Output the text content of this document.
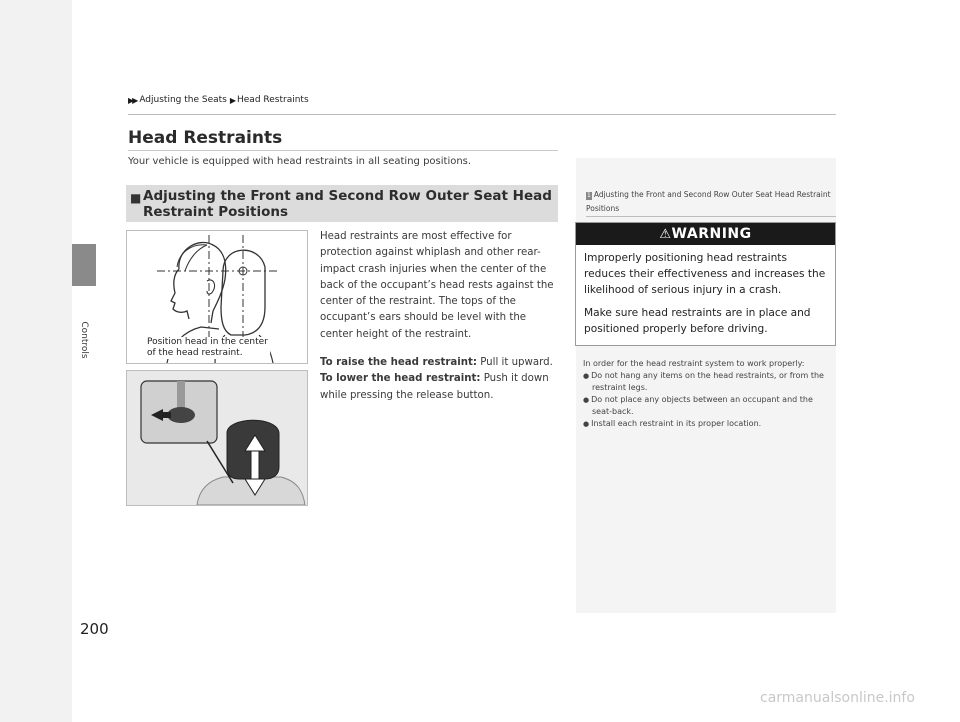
Controls
200
▶▶ Adjusting the Seats ▶ Head Restraints
Head Restraints
Your vehicle is equipped with head restraints in all seating positions.
■ Adjusting the Front and Second Row Outer Seat Head Restraint Positions
Position head in the center
of the head restraint.

Head restraints are most effective for protection against whiplash and other rear-impact crash injuries when the center of the back of the occupant’s head rests against the center of the restraint. The tops of the occupant’s ears should be level with the center height of the restraint.

To raise the head restraint: Pull it upward.
To lower the head restraint: Push it down while pressing the release button.
1 Adjusting the Front and Second Row Outer Seat Head Restraint Positions
⚠WARNING

Improperly positioning head restraints reduces their effectiveness and increases the likelihood of serious injury in a crash.

Make sure head restraints are in place and positioned properly before driving.

In order for the head restraint system to work properly:

● Do not hang any items on the head restraints, or from the restraint legs.
● Do not place any objects between an occupant and the seat-back.
● Install each restraint in its proper location.
carmanualsonline.info
